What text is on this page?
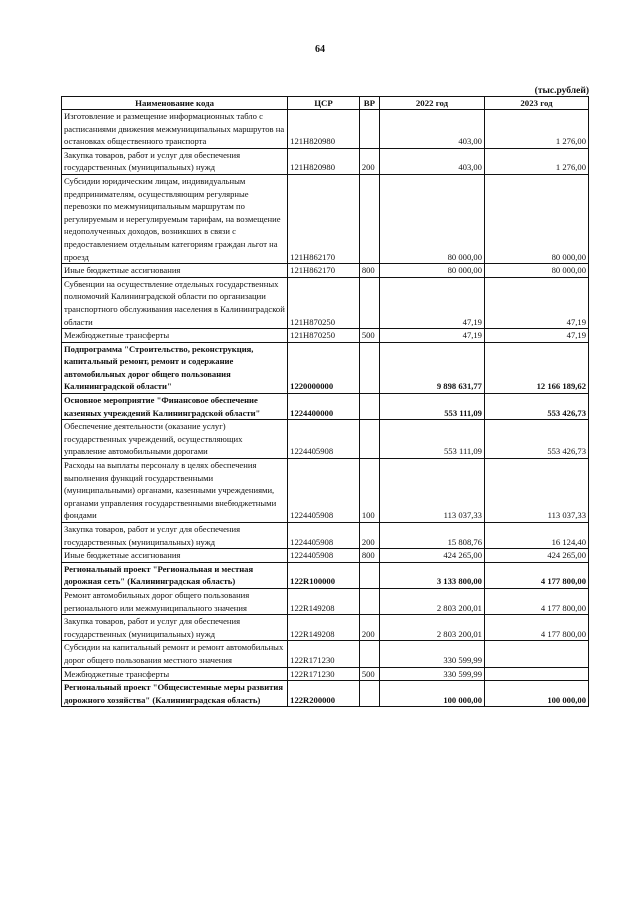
64
(тыс.рублей)
Наименование кода	ЦСР	ВР	2022 год	2023 год
Изготовление и размещение информационных табло с расписаниями движения межмуниципальных маршрутов на остановках общественного транспорта	121H820980		403,00	1 276,00
Закупка товаров, работ и услуг для обеспечения государственных (муниципальных) нужд	121H820980	200	403,00	1 276,00
Субсидии юридическим лицам, индивидуальным предпринимателям, осуществляющим регулярные перевозки по межмуниципальным маршрутам по регулируемым и нерегулируемым тарифам, на возмещение недополученных доходов, возникших в связи с предоставлением отдельным категориям граждан льгот на проезд	121H862170		80 000,00	80 000,00
Иные бюджетные ассигнования	121H862170	800	80 000,00	80 000,00
Субвенции на осуществление отдельных государственных полномочий Калининградской области по организации транспортного обслуживания населения в Калининградской области	121H870250		47,19	47,19
Межбюджетные трансферты	121H870250	500	47,19	47,19
Подпрограмма "Строительство, реконструкция, капитальный ремонт, ремонт и содержание автомобильных дорог общего пользования Калининградской области"	1220000000		9 898 631,77	12 166 189,62
Основное мероприятие "Финансовое обеспечение казенных учреждений Калининградской области"	1224400000		553 111,09	553 426,73
Обеспечение деятельности (оказание услуг) государственных учреждений, осуществляющих управление автомобильными дорогами	1224405908		553 111,09	553 426,73
Расходы на выплаты персоналу в целях обеспечения выполнения функций государственными (муниципальными) органами, казенными учреждениями, органами управления государственными внебюджетными фондами	1224405908	100	113 037,33	113 037,33
Закупка товаров, работ и услуг для обеспечения государственных (муниципальных) нужд	1224405908	200	15 808,76	16 124,40
Иные бюджетные ассигнования	1224405908	800	424 265,00	424 265,00
Региональный проект "Региональная и местная дорожная сеть" (Калининградская область)	122R100000		3 133 800,00	4 177 800,00
Ремонт автомобильных дорог общего пользования регионального или межмуниципального значения	122R149208		2 803 200,01	4 177 800,00
Закупка товаров, работ и услуг для обеспечения государственных (муниципальных) нужд	122R149208	200	2 803 200,01	4 177 800,00
Субсидии на капитальный ремонт и ремонт автомобильных дорог общего пользования местного значения	122R171230		330 599,99	
Межбюджетные трансферты	122R171230	500	330 599,99	
Региональный проект "Общесистемные меры развития дорожного хозяйства" (Калининградская область)	122R200000		100 000,00	100 000,00
